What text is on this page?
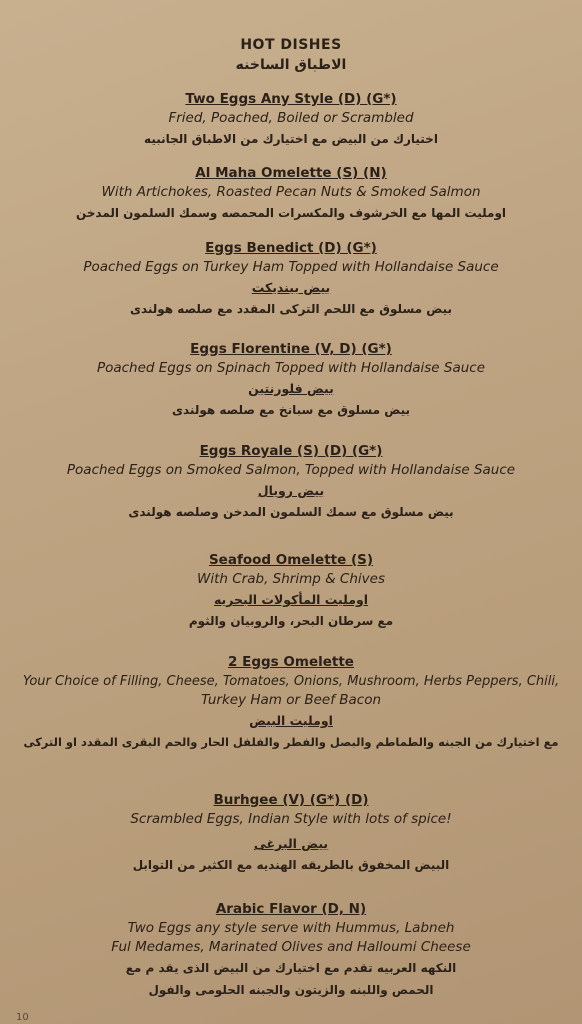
HOT DISHES
الاطباق الساخنه
Two Eggs Any Style (D) (G*)
Fried, Poached, Boiled or Scrambled
اختيارك من البيض مع اختيارك من الاطباق الجانبيه
Al Maha Omelette (S) (N)
With Artichokes, Roasted Pecan Nuts & Smoked Salmon
اومليت المها مع الخرشوف والمكسرات المحمصه وسمك السلمون المدخن
Eggs Benedict (D) (G*)
Poached Eggs on Turkey Ham Topped with Hollandaise Sauce
بيض بينديكت
بيض مسلوق مع اللحم التركى المقدد مع صلصه هولندى
Eggs Florentine (V, D) (G*)
Poached Eggs on Spinach Topped with Hollandaise Sauce
بيض فلورنتين
بيض مسلوق مع سبانخ مع صلصه هولندى
Eggs Royale (S) (D) (G*)
Poached Eggs on Smoked Salmon, Topped with Hollandaise Sauce
بيض رويال
بيض مسلوق مع سمك السلمون المدخن وصلصه هولندى
Seafood Omelette (S)
With Crab, Shrimp & Chives
اومليت المأكولات البحريه
مع سرطان البحر، والروبيان والثوم
2 Eggs Omelette
Your Choice of Filling, Cheese, Tomatoes, Onions, Mushroom, Herbs Peppers, Chili,
Turkey Ham or Beef Bacon
اومليت البيض
مع اختيارك من الجبنه والطماطم والبصل والفطر والفلفل الحار والحم البقرى المقدد او التركى
Burhgee (V) (G*) (D)
Scrambled Eggs, Indian Style with lots of spice!
بيض البرغى
البيض المخفوق بالطريقه الهنديه مع الكثير من التوابل
Arabic Flavor (D, N)
Two Eggs any style serve with Hummus, Labneh
Ful Medames, Marinated Olives and Halloumi Cheese
النكهه العربيه تقدم مع اختيارك من البيض الذى يقد م مع
الحمص واللبنه والزيتون والجبنه الحلومى والفول
10
